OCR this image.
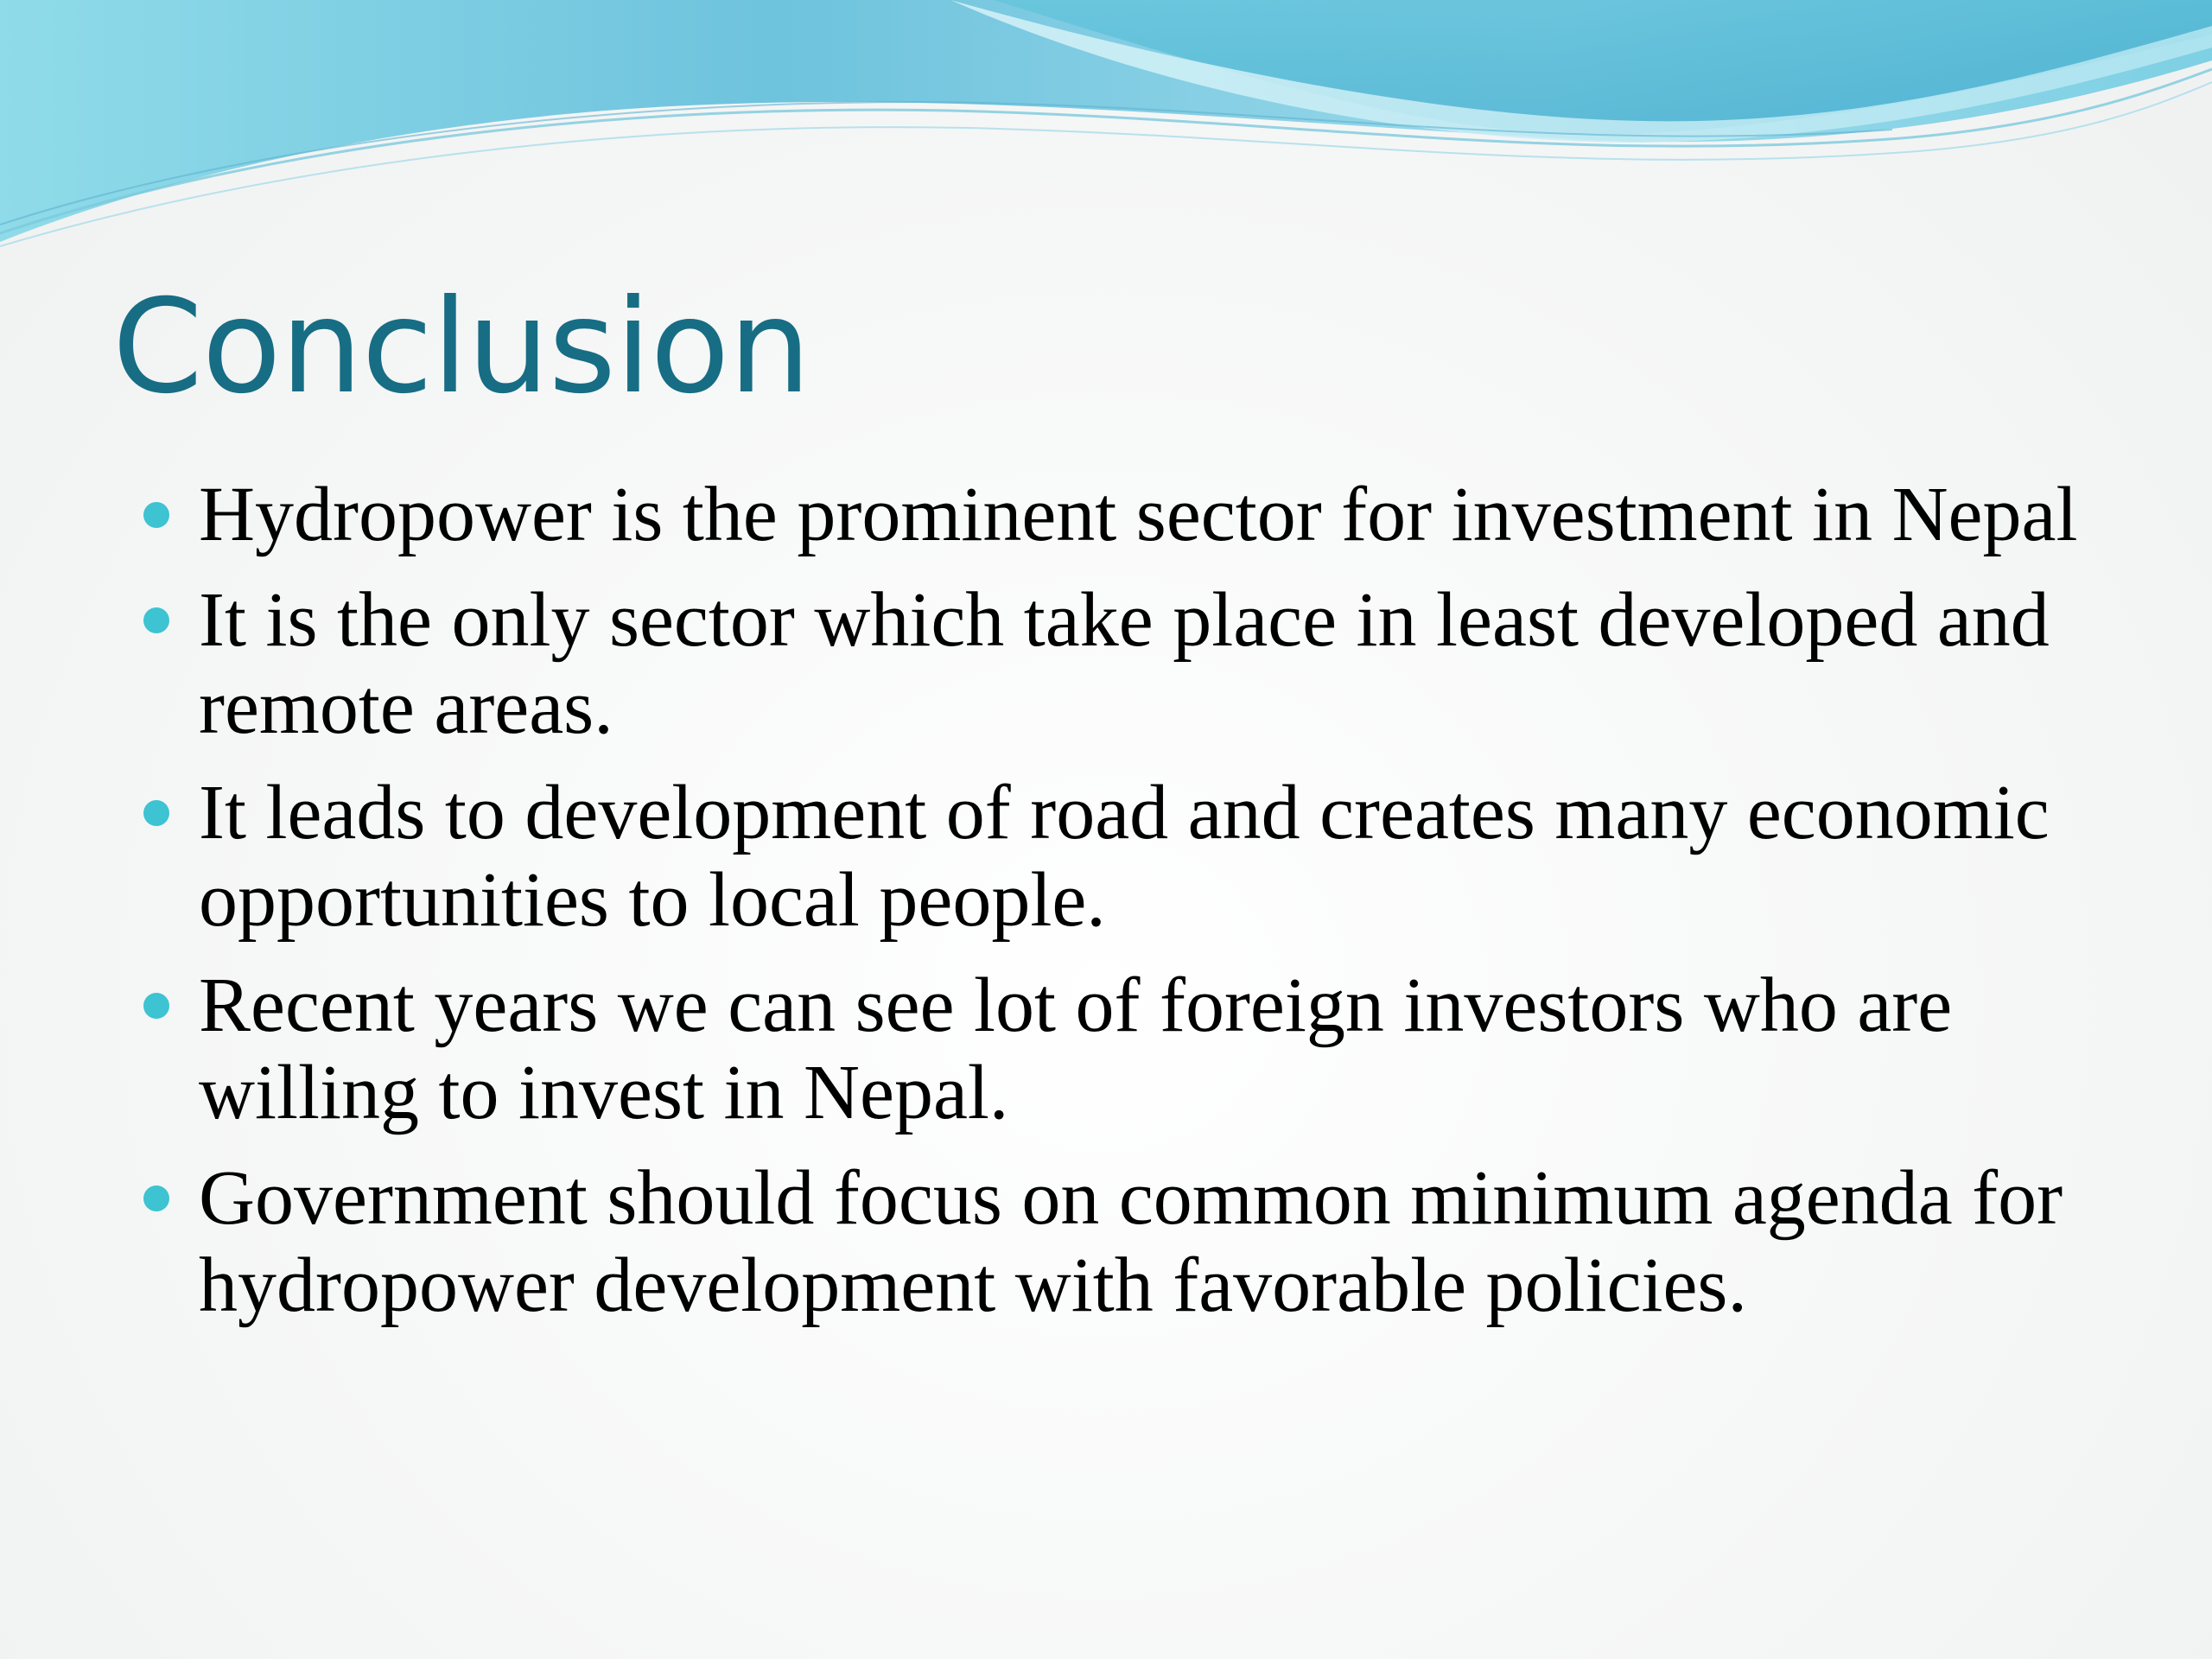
Conclusion
Hydropower is the prominent sector for investment in Nepal
It is the only sector which take place in least developed and remote areas.
It leads to development of road and creates many economic opportunities to local people.
Recent years we can see lot of foreign investors who are willing to invest in Nepal.
Government should focus on common minimum agenda for hydropower development with favorable policies.
